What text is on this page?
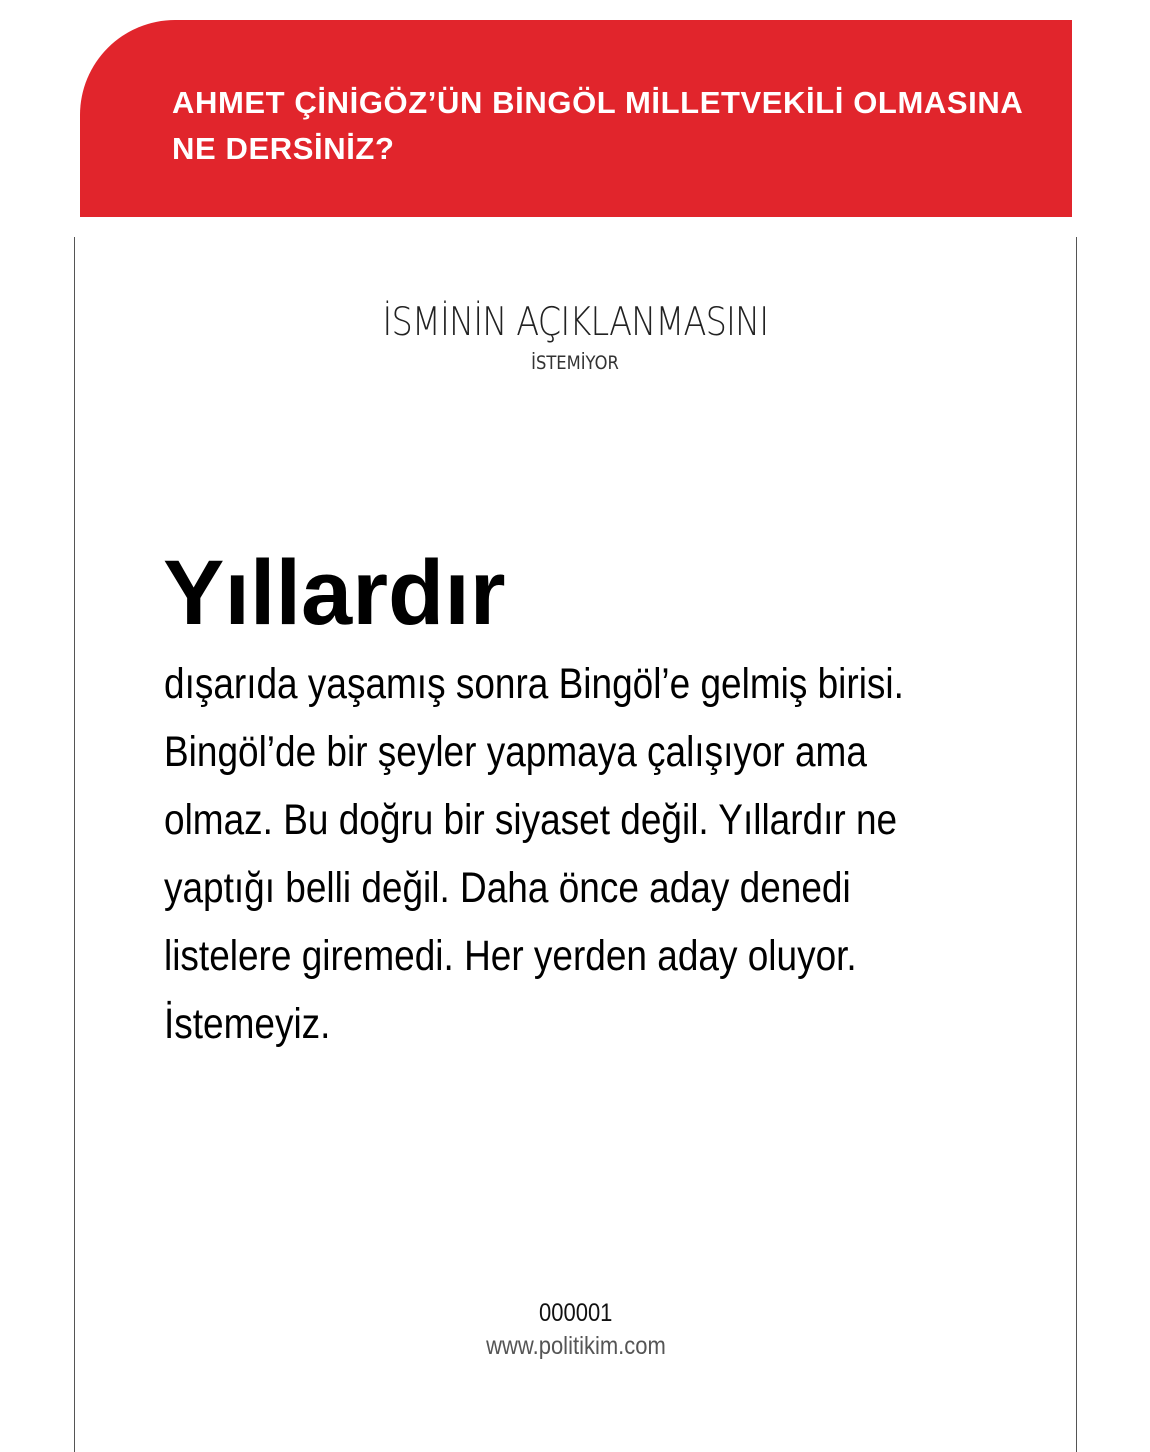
AHMET ÇİNİGÖZ’ÜN BİNGÖL MİLLETVEKİLİ OLMASINA NE DERSİNİZ?
İSMİNİN AÇIKLANMASINI
İSTEMİYOR
Yıllardır
dışarıda yaşamış sonra Bingöl’e gelmiş birisi.
Bingöl’de bir şeyler yapmaya çalışıyor ama
olmaz. Bu doğru bir siyaset değil. Yıllardır ne
yaptığı belli değil. Daha önce aday denedi
listelere giremedi. Her yerden aday oluyor.
İstemeyiz.
000001
www.politikim.com
